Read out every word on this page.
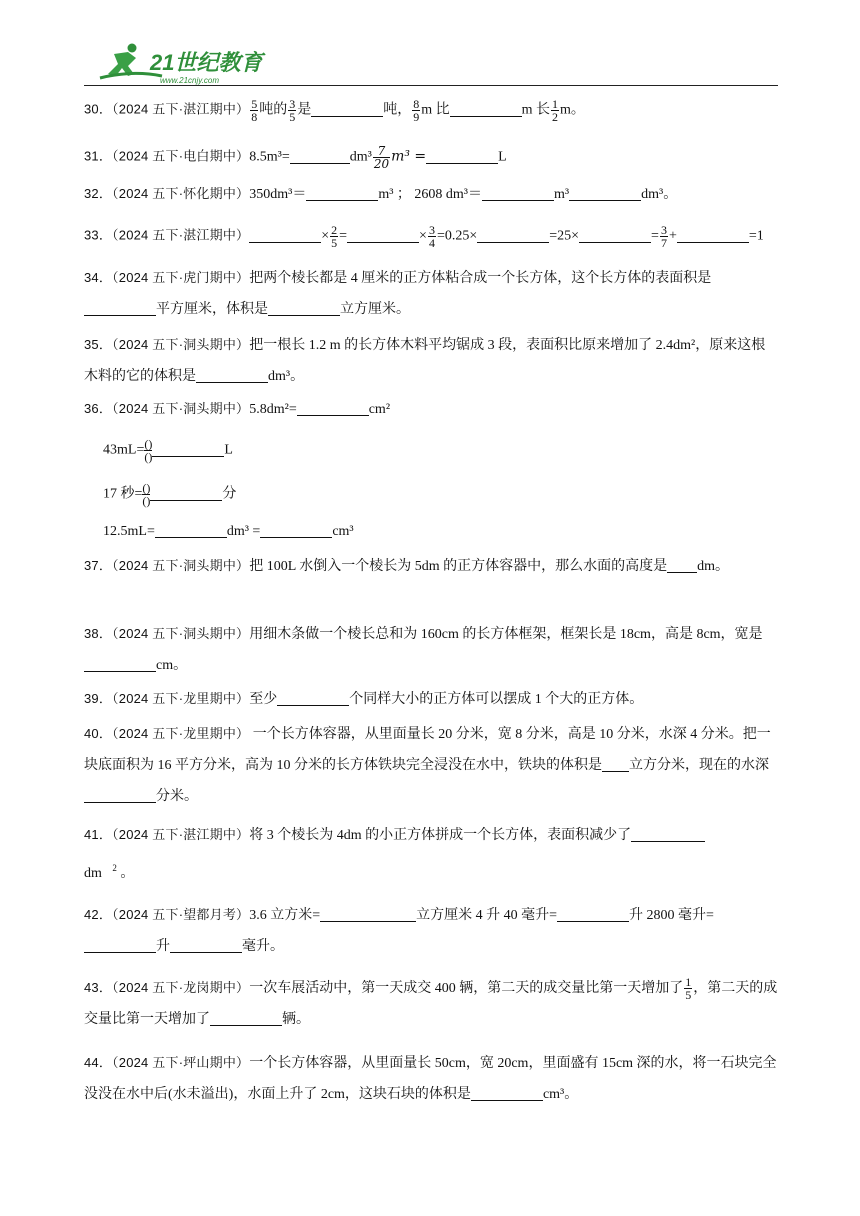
21世纪教育
www.21cnjy.com
30．（2024 五下·湛江期中） $\frac{5}{8}$ 吨的 $\frac{3}{5}$ 是	吨， $\frac{8}{9}$ m 比	m 长 $\frac{1}{2}$ m。
31．（2024 五下·电白期中）8.5m³=	$dm^3 \frac{7}{20} m^3$ =	L
32．（2024 五下·怀化期中）350dm³＝	m³ ； 2608 dm³＝	m³	dm³。
33．（2024 五下·湛江期中）	× $\frac{2}{5}$ =	× $\frac{3}{4} =0.25\times$	=25×	= $\frac{3}{7}$ +	=1
34．（2024 五下·虎门期中）把两个棱长都是 4 厘米的正方体粘合成一个长方体，这个长方体的表面积是平方厘米，体积是	立方厘米。
35．（2024 五下·洞头期中）把一根长 1.2 m 的长方体木料平均锯成 3 段，表面积比原来增加了 2.4dm²，原来这根木料的它的体积是	dm³。
36．（2024 五下·洞头期中）5.8dm²=	cm²
43mL=()
()	L
17 秒=()
()	分
12.5mL=	dm³ =	cm³
37．（2024 五下·洞头期中）把 100L 水倒入一个棱长为 5dm 的正方体容器中，那么水面的高度是 dm。
38．（2024 五下·洞头期中）用细木条做一个棱长总和为 160cm 的长方体框架，框架长是 18cm，高是 8cm，宽是cm。
39．（2024 五下·龙里期中）至少	个同样大小的正方体可以摆成 1 个大的正方体。
40．（2024 五下·龙里期中） 一个长方体容器，从里面量长 20 分米，宽 8 分米，高是 10 分米，水深 4 分米。把一块底面积为 16 平方分米，高为 10 分米的长方体铁块完全浸没在水中，铁块的体积是 立方分米，现在的水深分米。
41．（2024 五下·湛江期中）将 3 个棱长为 4dm 的小正方体拼成一个长方体，表面积减少了
dm $^2$ 。
42．（2024 五下·望都月考）3.6 立方米=	立方厘米 4 升 40 毫升=	升 2800 毫升=升	毫升。
43．（2024 五下·龙岗期中）一次车展活动中，第一天成交 400 辆，第二天的成交量比第一天增加了 $\frac{1}{5}$ ，第二天的成交量比第一天增加了	辆。
44．（2024 五下·坪山期中）一个长方体容器，从里面量长 50cm，宽 20cm，里面盛有 15cm 深的水，将一石块完全没没在水中后(水未溢出)，水面上升了 2cm，这块石块的体积是	cm³。
